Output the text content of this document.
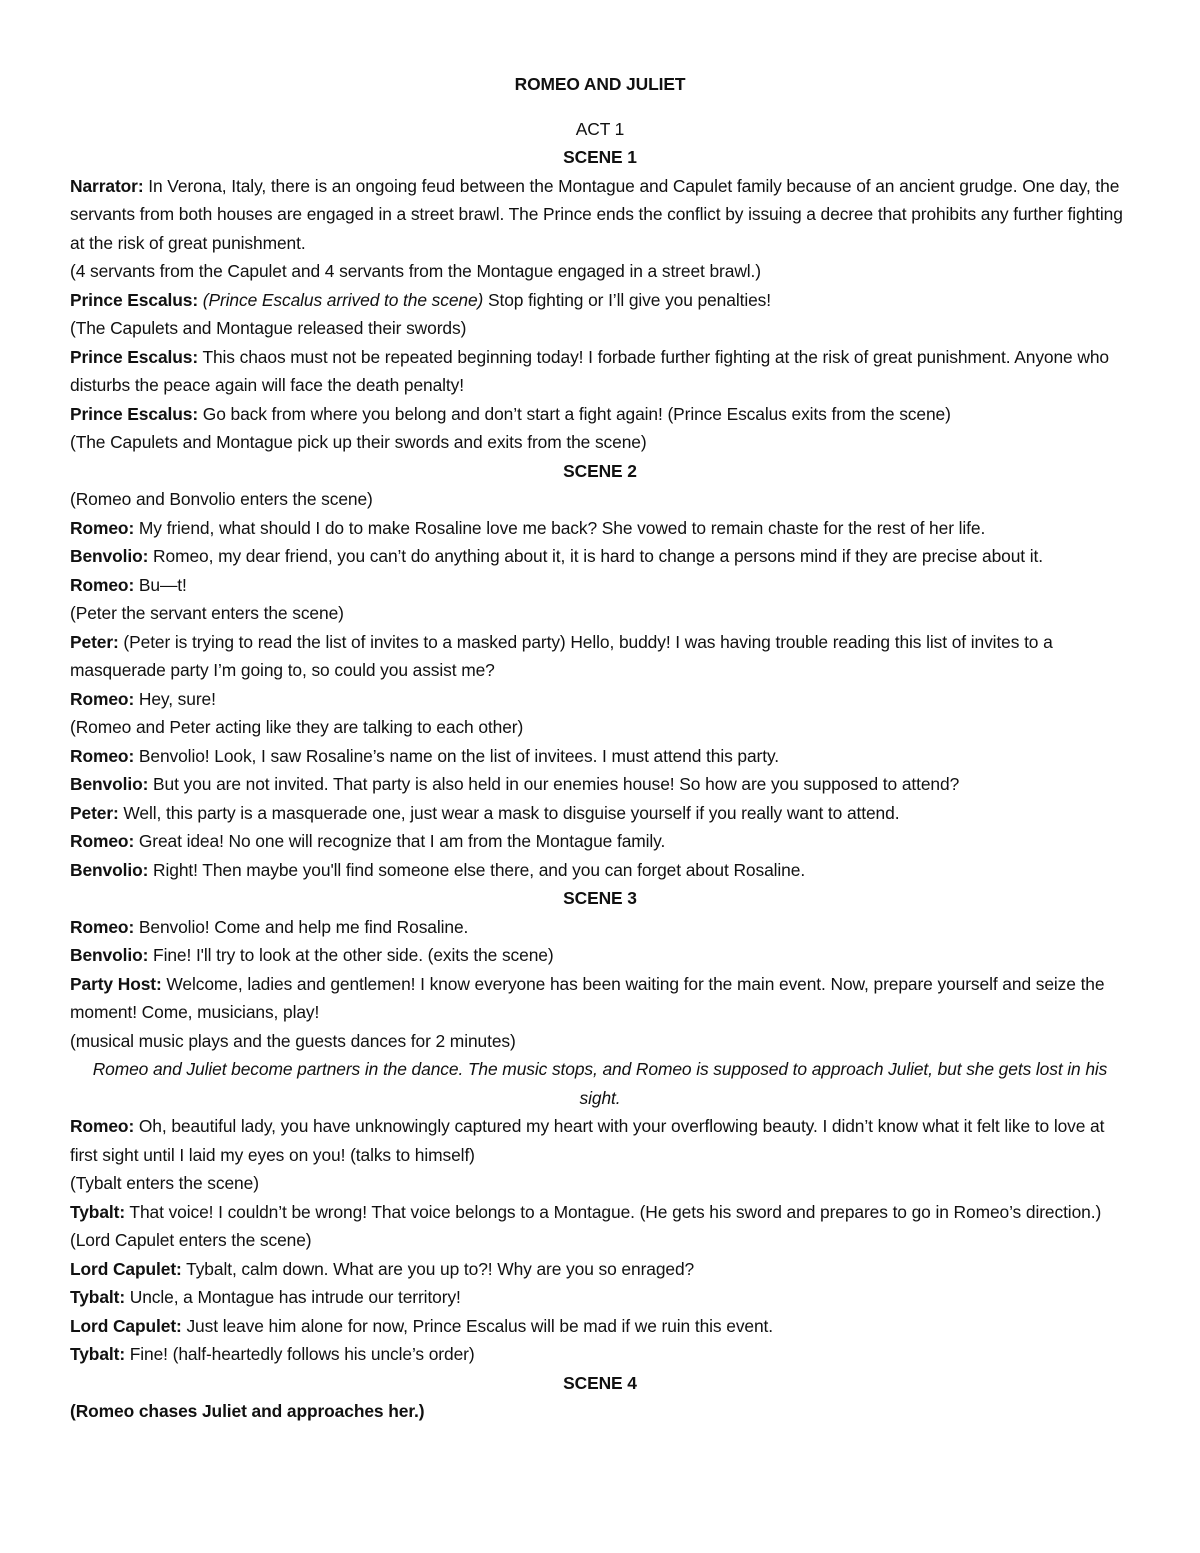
ROMEO AND JULIET

ACT 1

SCENE 1

Narrator: In Verona, Italy, there is an ongoing feud between the Montague and Capulet family because of an ancient grudge. One day, the servants from both houses are engaged in a street brawl. The Prince ends the conflict by issuing a decree that prohibits any further fighting at the risk of great punishment.

(4 servants from the Capulet and 4 servants from the Montague engaged in a street brawl.)

Prince Escalus: (Prince Escalus arrived to the scene) Stop fighting or I’ll give you penalties!

(The Capulets and Montague released their swords)

Prince Escalus: This chaos must not be repeated beginning today! I forbade further fighting at the risk of great punishment. Anyone who disturbs the peace again will face the death penalty!

Prince Escalus: Go back from where you belong and don’t start a fight again! (Prince Escalus exits from the scene)

(The Capulets and Montague pick up their swords and exits from the scene)

SCENE 2

(Romeo and Bonvolio enters the scene)

Romeo: My friend, what should I do to make Rosaline love me back? She vowed to remain chaste for the rest of her life.

Benvolio: Romeo, my dear friend, you can’t do anything about it, it is hard to change a persons mind if they are precise about it.

Romeo: Bu—t!

(Peter the servant enters the scene)

Peter: (Peter is trying to read the list of invites to a masked party) Hello, buddy! I was having trouble reading this list of invites to a masquerade party I’m going to, so could you assist me?

Romeo: Hey, sure!

(Romeo and Peter acting like they are talking to each other)

Romeo: Benvolio! Look, I saw Rosaline’s name on the list of invitees. I must attend this party.

Benvolio: But you are not invited. That party is also held in our enemies house! So how are you supposed to attend?

Peter: Well, this party is a masquerade one, just wear a mask to disguise yourself if you really want to attend.

Romeo: Great idea! No one will recognize that I am from the Montague family.

Benvolio: Right! Then maybe you'll find someone else there, and you can forget about Rosaline.

SCENE 3

Romeo: Benvolio! Come and help me find Rosaline.

Benvolio: Fine! I'll try to look at the other side. (exits the scene)

Party Host: Welcome, ladies and gentlemen! I know everyone has been waiting for the main event. Now, prepare yourself and seize the moment! Come, musicians, play!

(musical music plays and the guests dances for 2 minutes)

Romeo and Juliet become partners in the dance. The music stops, and Romeo is supposed to approach Juliet, but she gets lost in his sight.

Romeo: Oh, beautiful lady, you have unknowingly captured my heart with your overflowing beauty. I didn’t know what it felt like to love at first sight until I laid my eyes on you! (talks to himself)

(Tybalt enters the scene)

Tybalt: That voice! I couldn’t be wrong! That voice belongs to a Montague. (He gets his sword and prepares to go in Romeo’s direction.)

(Lord Capulet enters the scene)

Lord Capulet: Tybalt, calm down. What are you up to?! Why are you so enraged?

Tybalt: Uncle, a Montague has intrude our territory!

Lord Capulet: Just leave him alone for now, Prince Escalus will be mad if we ruin this event.

Tybalt: Fine! (half-heartedly follows his uncle’s order)

SCENE 4

(Romeo chases Juliet and approaches her.)
